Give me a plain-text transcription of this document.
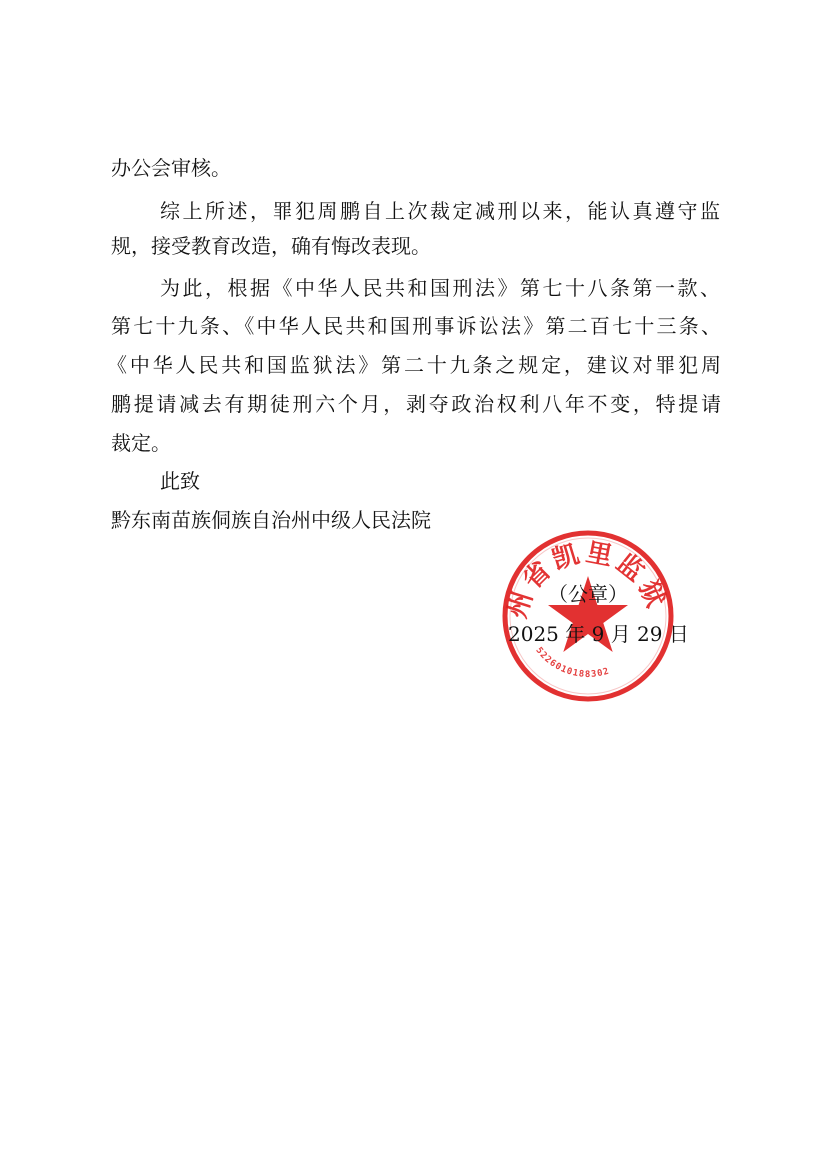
办公会审核。
综上所述，罪犯周鹏自上次裁定减刑以来，能认真遵守监
规，接受教育改造，确有悔改表现。
为此，根据《中华人民共和国刑法》第七十八条第一款、
第七十九条、《中华人民共和国刑事诉讼法》第二百七十三条、
《中华人民共和国监狱法》第二十九条之规定，建议对罪犯周
鹏提请减去有期徒刑六个月，剥夺政治权利八年不变，特提请
裁定。
此致
黔东南苗族侗族自治州中级人民法院
州省凯里监狱
5226010188302
（公章）
2025 年 9 月 29 日
